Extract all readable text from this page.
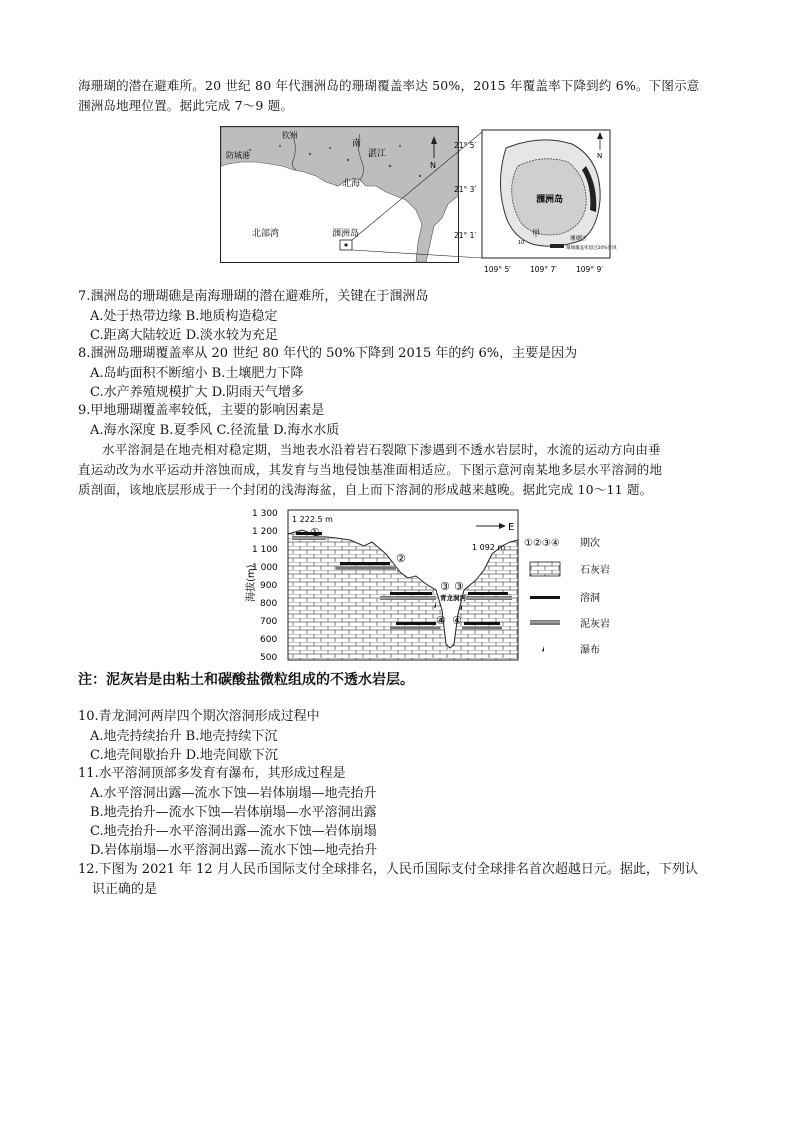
海珊瑚的潜在避难所。20 世纪 80 年代涠洲岛的珊瑚覆盖率达 50%，2015 年覆盖率下降到约 6%。下图示意
涠洲岛地理位置。据此完成 7～9 题。
钦州
防城港
南
湛江
北海
北部湾	涠洲岛
N
涠洲岛
甲
N
珊瑚区
珊瑚覆盖率超过20%区域
10
21° 5′
21° 3′
21° 1′
109° 5′	109° 7′	109° 9′
7.涠洲岛的珊瑚礁是南海珊瑚的潜在避难所，关键在于涠洲岛
A.处于热带边缘 B.地质构造稳定
C.距离大陆较近 D.淡水较为充足
8.涠洲岛珊瑚覆盖率从 20 世纪 80 年代的 50%下降到 2015 年的约 6%，主要是因为
A.岛屿面积不断缩小 B.土壤肥力下降
C.水产养殖规模扩大 D.阴雨天气增多
9.甲地珊瑚覆盖率较低，主要的影响因素是
A.海水深度 B.夏季风 C.径流量 D.海水水质
水平溶洞是在地壳相对稳定期，当地表水沿着岩石裂隙下渗遇到不透水岩层时，水流的运动方向由垂
直运动改为水平运动并溶蚀而成，其发育与当地侵蚀基准面相适应。下图示意河南某地多层水平溶洞的地
质剖面，该地底层形成于一个封闭的浅海海盆，自上而下溶洞的形成越来越晚。据此完成 10～11 题。
海拔(m)
1 300
1 200
1 100
1 000
900
800
700
600
500
1 222.5 m
1 092 m
E
①
②
③ ③
④ ④
青龙洞河
①②③④ 期次
石灰岩
溶洞
泥灰岩
瀑布
注：泥灰岩是由粘土和碳酸盐微粒组成的不透水岩层。
10.青龙洞河两岸四个期次溶洞形成过程中
A.地壳持续抬升 B.地壳持续下沉
C.地壳间歇抬升 D.地壳间歇下沉
11.水平溶洞顶部多发育有瀑布，其形成过程是
A.水平溶洞出露—流水下蚀—岩体崩塌—地壳抬升
B.地壳抬升—流水下蚀—岩体崩塌—水平溶洞出露
C.地壳抬升—水平溶洞出露—流水下蚀—岩体崩塌
D.岩体崩塌—水平溶洞出露—流水下蚀—地壳抬升
12.下图为 2021 年 12 月人民币国际支付全球排名，人民币国际支付全球排名首次超越日元。据此，下列认
识正确的是
